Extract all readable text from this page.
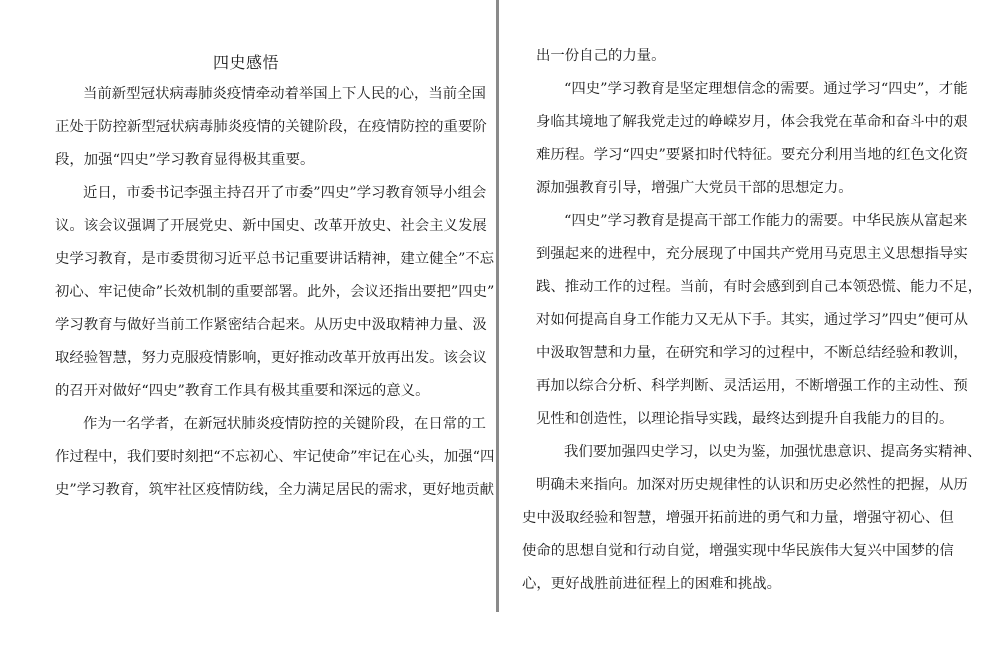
四史感悟
当前新型冠状病毒肺炎疫情牵动着举国上下人民的心，当前全国
正处于防控新型冠状病毒肺炎疫情的关键阶段，在疫情防控的重要阶
段，加强“四史”学习教育显得极其重要。
近日，市委书记李强主持召开了市委”四史”学习教育领导小组会
议。该会议强调了开展党史、新中国史、改革开放史、社会主义发展
史学习教育，是市委贯彻习近平总书记重要讲话精神，建立健全”不忘
初心、牢记使命”长效机制的重要部署。此外，会议还指出要把”四史”
学习教育与做好当前工作紧密结合起来。从历史中汲取精神力量、汲
取经验智慧，努力克服疫情影响，更好推动改革开放再出发。该会议
的召开对做好“四史”教育工作具有极其重要和深远的意义。
作为一名学者，在新冠状肺炎疫情防控的关键阶段，在日常的工
作过程中，我们要时刻把“不忘初心、牢记使命”牢记在心头，加强“四
史”学习教育，筑牢社区疫情防线，全力满足居民的需求，更好地贡献
出一份自己的力量。
“四史”学习教育是坚定理想信念的需要。通过学习“四史”，才能
身临其境地了解我党走过的峥嵘岁月，体会我党在革命和奋斗中的艰
难历程。学习“四史”要紧扣时代特征。要充分利用当地的红色文化资
源加强教育引导，增强广大党员干部的思想定力。
“四史”学习教育是提高干部工作能力的需要。中华民族从富起来
到强起来的进程中，充分展现了中国共产党用马克思主义思想指导实
践、推动工作的过程。当前，有时会感到到自己本领恐慌、能力不足，
对如何提高自身工作能力又无从下手。其实，通过学习”四史”便可从
中汲取智慧和力量，在研究和学习的过程中，不断总结经验和教训，
再加以综合分析、科学判断、灵活运用，不断增强工作的主动性、预
见性和创造性，以理论指导实践，最终达到提升自我能力的目的。
我们要加强四史学习，以史为鉴，加强忧患意识、提高务实精神、
明确未来指向。加深对历史规律性的认识和历史必然性的把握，从历
史中汲取经验和智慧，增强开拓前进的勇气和力量，增强守初心、但
使命的思想自觉和行动自觉，增强实现中华民族伟大复兴中国梦的信
心，更好战胜前进征程上的困难和挑战。
